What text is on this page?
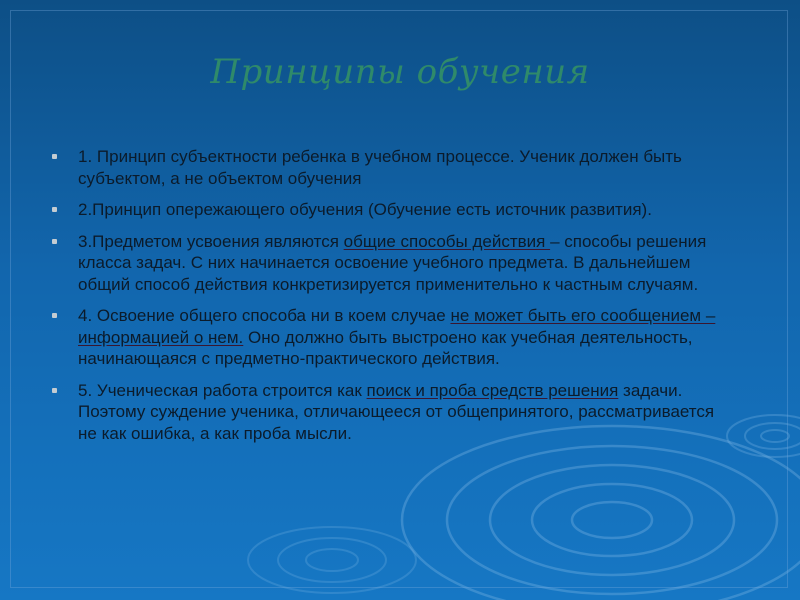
Принципы обучения
1. Принцип субъектности ребенка в учебном процессе. Ученик должен быть субъектом, а не объектом обучения
2.Принцип опережающего обучения (Обучение есть источник развития).
3.Предметом усвоения являются общие способы действия – способы решения класса задач. С них начинается освоение учебного предмета. В дальнейшем общий способ действия конкретизируется применительно к частным случаям.
4. Освоение общего способа ни в коем случае не может быть его сообщением – информацией о нем. Оно должно быть выстроено как учебная деятельность, начинающаяся с предметно-практического действия.
5. Ученическая работа строится как поиск и проба средств решения задачи. Поэтому суждение ученика, отличающееся от общепринятого, рассматривается не как ошибка, а как проба мысли.
